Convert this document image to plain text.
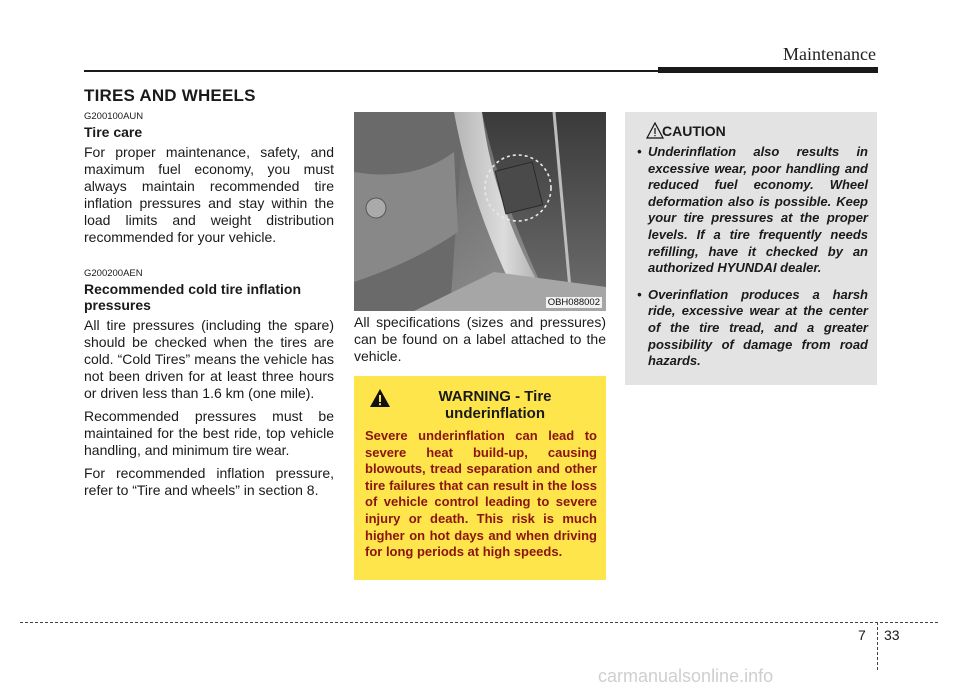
Maintenance
TIRES AND WHEELS

G200100AUN

Tire care

For proper maintenance, safety, and maximum fuel economy, you must always maintain recommended tire inflation pressures and stay within the load limits and weight distribution recommended for your vehicle.

G200200AEN

Recommended cold tire inflation pressures

All tire pressures (including the spare) should be checked when the tires are cold. “Cold Tires” means the vehicle has not been driven for at least three hours or driven less than 1.6 km (one mile).

Recommended pressures must be maintained for the best ride, top vehicle handling, and minimum tire wear.

For recommended inflation pressure, refer to “Tire and wheels” in section 8.

OBH088002
All specifications (sizes and pressures) can be found on a label attached to the vehicle.
WARNING - Tire underinflation
Severe underinflation can lead to severe heat build-up, causing blowouts, tread separation and other tire failures that can result in the loss of vehicle control leading to severe injury or death. This risk is much higher on hot days and when driving for long periods at high speeds.
CAUTION
• Underinflation also results in excessive wear, poor handling and reduced fuel economy. Wheel deformation also is possible. Keep your tire pressures at the proper levels. If a tire frequently needs refilling, have it checked by an authorized HYUNDAI dealer.
• Overinflation produces a harsh ride, excessive wear at the center of the tire tread, and a greater possibility of damage from road hazards.
7 33
carmanualsonline.info
